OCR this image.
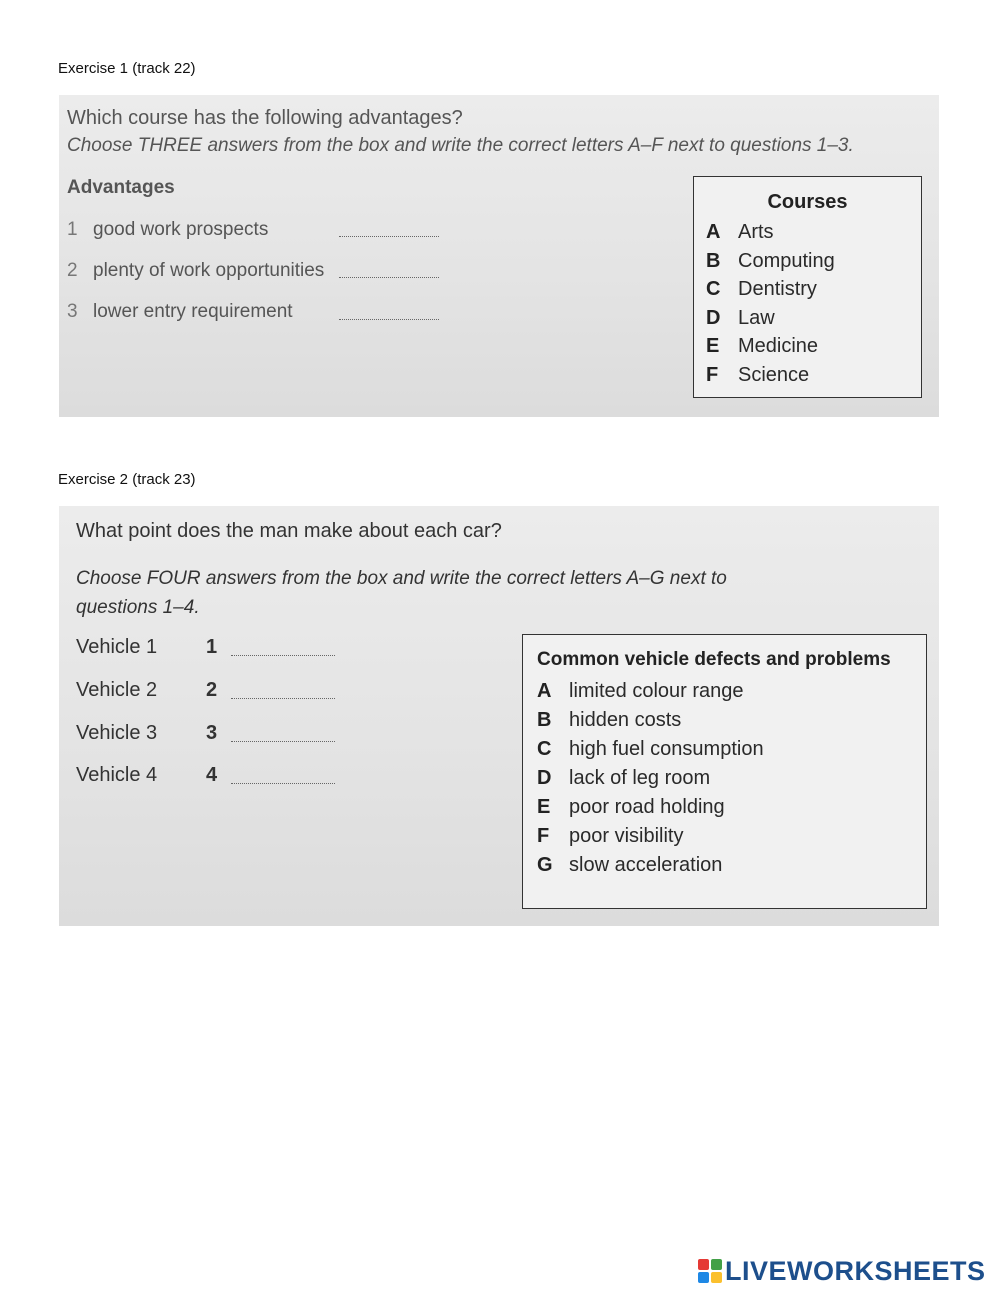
Exercise 1 (track 22)
Which course has the following advantages?
Choose THREE answers from the box and write the correct letters A–F next to questions 1–3.
Advantages
1 good work prospects
2 plenty of work opportunities
3 lower entry requirement
Courses
A Arts
B Computing
C Dentistry
D Law
E Medicine
F Science
Exercise 2 (track 23)
What point does the man make about each car?
Choose FOUR answers from the box and write the correct letters A–G next to questions 1–4.
Vehicle 1 1
Vehicle 2 2
Vehicle 3 3
Vehicle 4 4
Common vehicle defects and problems
A limited colour range
B hidden costs
C high fuel consumption
D lack of leg room
E poor road holding
F poor visibility
G slow acceleration
LIVEWORKSHEETS
